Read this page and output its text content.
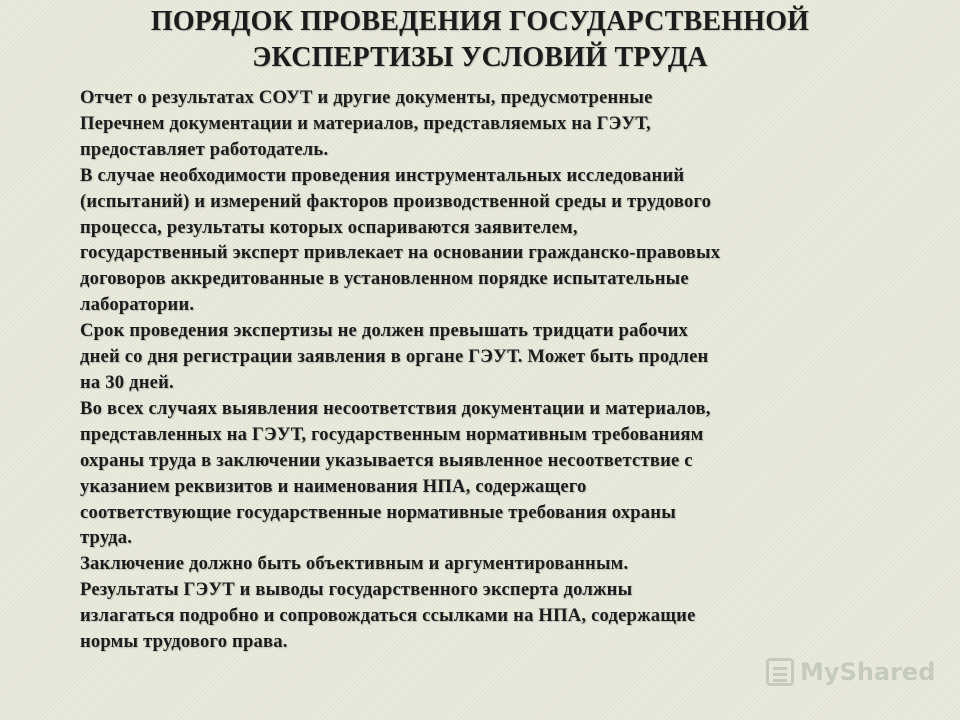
ПОРЯДОК ПРОВЕДЕНИЯ ГОСУДАРСТВЕННОЙ
ЭКСПЕРТИЗЫ УСЛОВИЙ ТРУДА

Отчет о результатах СОУТ и другие документы, предусмотренные
Перечнем документации и материалов, представляемых на ГЭУТ,
предоставляет работодатель.

В случае необходимости проведения инструментальных исследований
(испытаний) и измерений факторов производственной среды и трудового
процесса, результаты которых оспариваются заявителем,
государственный эксперт привлекает на основании гражданско-правовых
договоров аккредитованные в установленном порядке испытательные
лаборатории.

Срок проведения экспертизы не должен превышать тридцати рабочих
дней со дня регистрации заявления в органе ГЭУТ. Может быть продлен
на 30 дней.

Во всех случаях выявления несоответствия документации и материалов,
представленных на ГЭУТ, государственным нормативным требованиям
охраны труда в заключении указывается выявленное несоответствие с
указанием реквизитов и наименования НПА, содержащего
соответствующие государственные нормативные требования охраны
труда.

Заключение должно быть объективным и аргументированным.

Результаты ГЭУТ и выводы государственного эксперта должны
излагаться подробно и сопровождаться ссылками на НПА, содержащие
нормы трудового права.

MyShared
